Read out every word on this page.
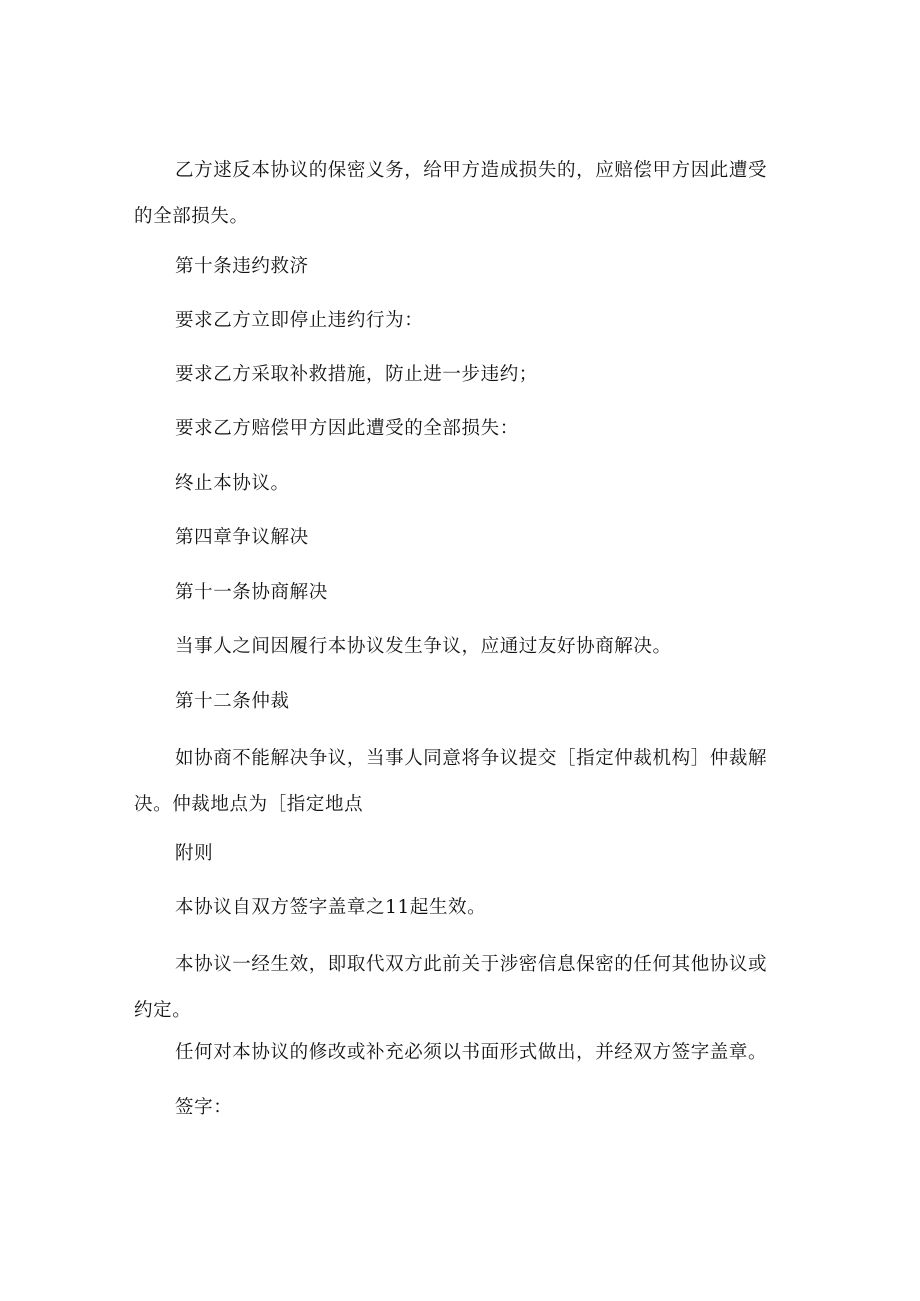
乙方逑反本协议的保密义务，给甲方造成损失的，应赔偿甲方因此遭受的全部损失。
第十条违约救济
要求乙方立即停止违约行为：
要求乙方采取补救措施，防止进一步违约；
要求乙方赔偿甲方因此遭受的全部损失：
终止本协议。
第四章争议解决
第十一条协商解决
当事人之间因履行本协议发生争议，应通过友好协商解决。
第十二条仲裁
如协商不能解决争议，当事人同意将争议提交［指定仲裁机构］仲裁解决。仲裁地点为［指定地点
附则
本协议自双方签字盖章之11起生效。
本协议一经生效，即取代双方此前关于涉密信息保密的任何其他协议或约定。
任何对本协议的修改或补充必须以书面形式做出，并经双方签字盖章。
签字：
